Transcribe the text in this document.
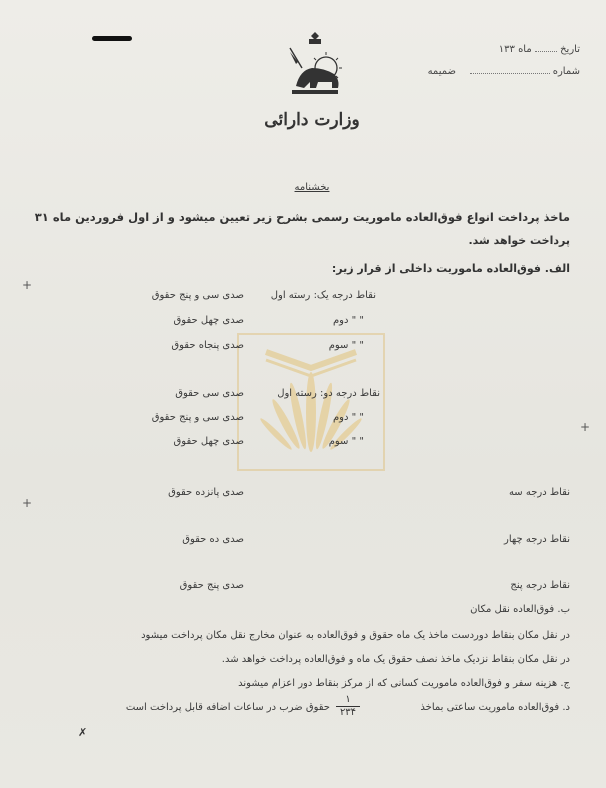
تاریخ  ماه ۱۳۳
شماره
ضمیمه
وزارت دارائی
بخشنامه
ما‌خذ پرداخت انواع فوق‌العاده ماموریت رسمی بشرح زیر تعیین میشود و از اول فروردین ماه ۳۱
پرداخت خواهد شد.
الف. فوق‌العاده ماموریت داخلی از قرار زیر:
+
+
+
✗
نقاط درجه یک: رسته اول
صدی سی و پنج حقوق
" " دوم
صدی چهل حقوق
" " سوم
صدی پنجاه حقوق
نقاط درجه دو: رسته اول
صدی سی حقوق
" " دوم
صدی سی و پنج حقوق
" " سوم
صدی چهل حقوق
نقاط درجه سه
صدی پانزده حقوق
نقاط درجه چهار
صدی ده حقوق
نقاط درجه پنج
صدی پنج حقوق
ب. فوق‌العاده نقل مکان
در نقل مکان بنقاط دوردست ما‌خذ یک ماه حقوق و فوق‌العاده به عنوان مخارج نقل مکان پرداخت میشود
در نقل مکان بنقاط نزدیک ما‌خذ نصف حقوق یک ماه و فوق‌العاده پرداخت خواهد شد.
ج. هزینه سفر و فوق‌العاده ماموریت کسانی که از مرکز بنقاط دور اعزام میشوند
د. فوق‌العاده ماموریت ساعتی بما‌خذ
۱
۲۳۴
حقوق ضرب در ساعات اضافه قابل پرداخت است
